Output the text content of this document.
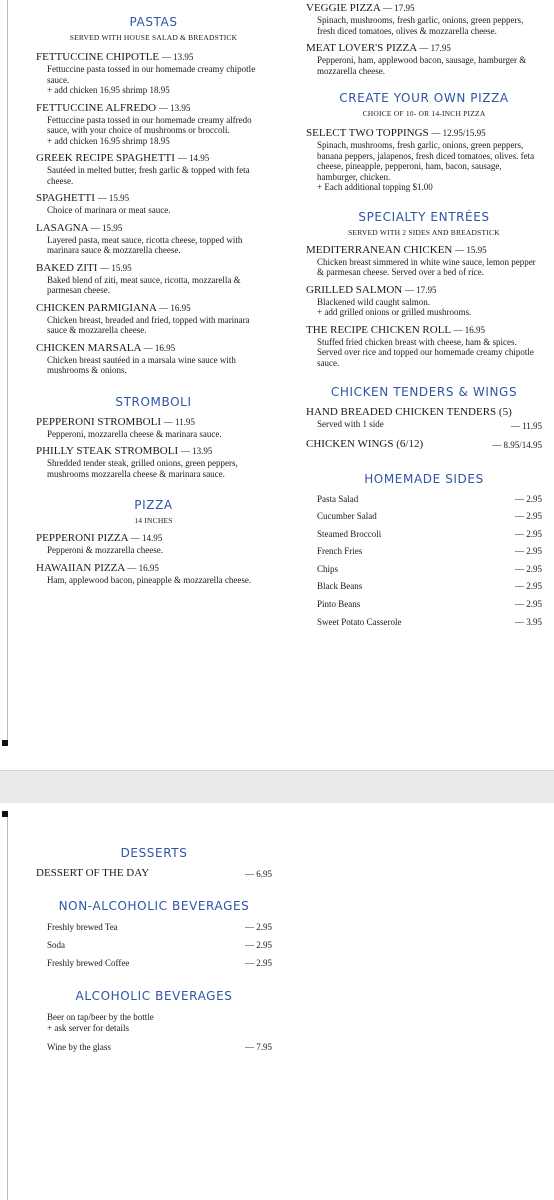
PASTAS
SERVED WITH HOUSE SALAD & BREADSTICK
FETTUCCINE CHIPOTLE — 13.95
Fettuccine pasta tossed in our homemade creamy chipotle sauce.
+ add chicken 16.95 shrimp 18.95
FETTUCCINE ALFREDO — 13.95
Fettuccine pasta tossed in our homemade creamy alfredo sauce, with your choice of mushrooms or broccoli.
+ add chicken 16.95 shrimp 18.95
GREEK RECIPE SPAGHETTI — 14.95
Sautéed in melted butter, fresh garlic & topped with feta cheese.
SPAGHETTI — 15.95
Choice of marinara or meat sauce.
LASAGNA — 15.95
Layered pasta, meat sauce, ricotta cheese, topped with marinara sauce & mozzarella cheese.
BAKED ZITI — 15.95
Baked blend of ziti, meat sauce, ricotta, mozzarella & parmesan cheese.
CHICKEN PARMIGIANA — 16.95
Chicken breast, breaded and fried, topped with marinara sauce & mozzarella cheese.
CHICKEN MARSALA — 16.95
Chicken breast sautéed in a marsala wine sauce with mushrooms & onions.
STROMBOLI
PEPPERONI STROMBOLI — 11.95
Pepperoni, mozzarella cheese & marinara sauce.
PHILLY STEAK STROMBOLI — 13.95
Shredded tender steak, grilled onions, green peppers, mushrooms mozzarella cheese & marinara sauce.
PIZZA
14 INCHES
PEPPERONI PIZZA — 14.95
Pepperoni & mozzarella cheese.
HAWAIIAN PIZZA — 16.95
Ham, applewood bacon, pineapple & mozzarella cheese.
VEGGIE PIZZA — 17.95
Spinach, mushrooms, fresh garlic, onions, green peppers, fresh diced tomatoes, olives & mozzarella cheese.
MEAT LOVER'S PIZZA — 17.95
Pepperoni, ham, applewood bacon, sausage, hamburger & mozzarella cheese.
CREATE YOUR OWN PIZZA
CHOICE OF 10- OR 14-INCH PIZZA
SELECT TWO TOPPINGS — 12.95/15.95
Spinach, mushrooms, fresh garlic, onions, green peppers, banana peppers, jalapenos, fresh diced tomatoes, olives. feta cheese, pineapple, pepperoni, ham, bacon, sausage, hamburger, chicken.
+ Each additional topping $1.00
SPECIALTY ENTRÉES
SERVED WITH 2 SIDES AND BREADSTICK
MEDITERRANEAN CHICKEN — 15.95
Chicken breast simmered in white wine sauce, lemon pepper & parmesan cheese. Served over a bed of rice.
GRILLED SALMON — 17.95
Blackened wild caught salmon.
+ add grilled onions or grilled mushrooms.
THE RECIPE CHICKEN ROLL — 16.95
Stuffed fried chicken breast with cheese, ham & spices. Served over rice and topped our homemade creamy chipotle sauce.
CHICKEN TENDERS & WINGS
HAND BREADED CHICKEN TENDERS (5)
Served with 1 side	— 11.95
CHICKEN WINGS (6/12)	— 8.95/14.95
HOMEMADE SIDES
Pasta Salad	— 2.95
Cucumber Salad	— 2.95
Steamed Broccoli	— 2.95
French Fries	— 2.95
Chips	— 2.95
Black Beans	— 2.95
Pinto Beans	— 2.95
Sweet Potato Casserole	— 3.95
DESSERTS
DESSERT OF THE DAY	— 6.95
NON-ALCOHOLIC BEVERAGES
Freshly brewed Tea	— 2.95
Soda	— 2.95
Freshly brewed Coffee	— 2.95
ALCOHOLIC BEVERAGES
Beer on tap/beer by the bottle
+ ask server for details
Wine by the glass	— 7.95
